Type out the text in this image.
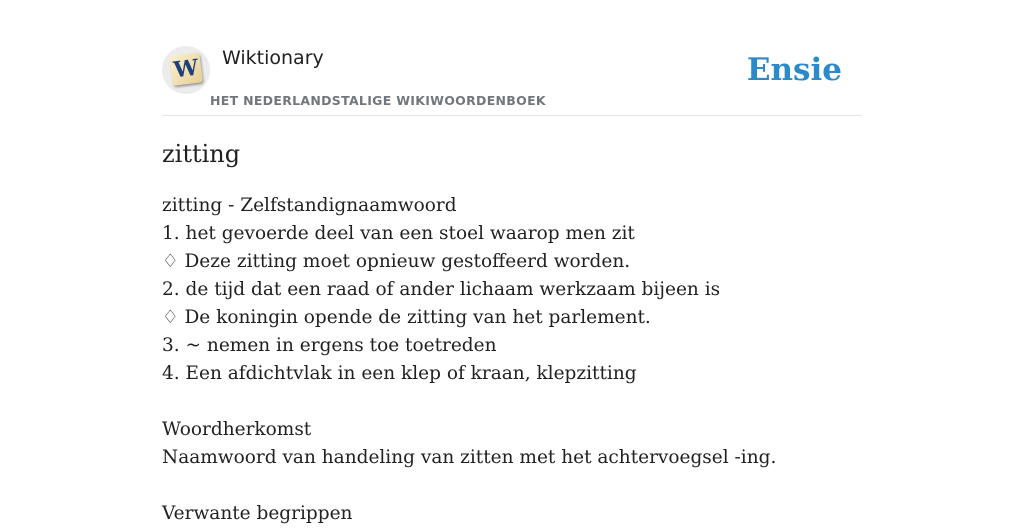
W Wiktionary
HET NEDERLANDSTALIGE WIKIWOORDENBOEK
Ensie
zitting
zitting - Zelfstandignaamwoord
1. het gevoerde deel van een stoel waarop men zit
♢ Deze zitting moet opnieuw gestoffeerd worden.
2. de tijd dat een raad of ander lichaam werkzaam bijeen is
♢ De koningin opende de zitting van het parlement.
3. ~ nemen in ergens toe toetreden
4. Een afdichtvlak in een klep of kraan, klepzitting
Woordherkomst
Naamwoord van handeling van zitten met het achtervoegsel -ing.
Verwante begrippen
